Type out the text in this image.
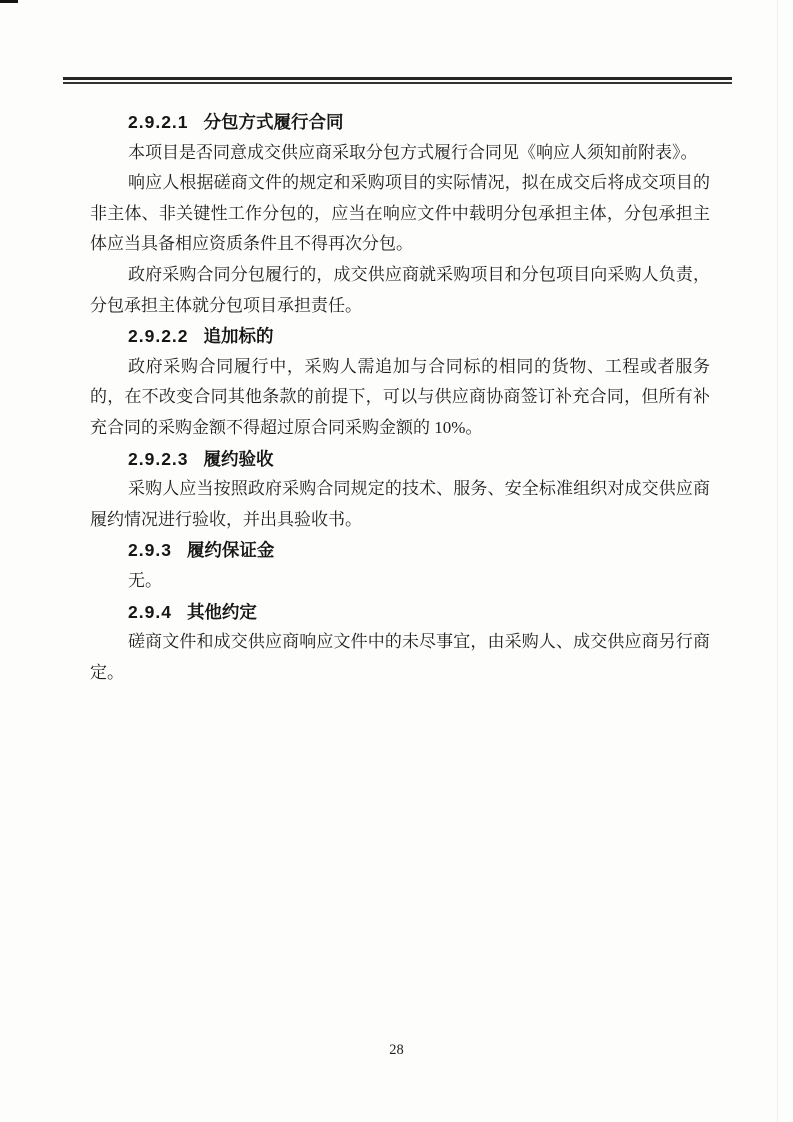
2.9.2.1 分包方式履行合同

本项目是否同意成交供应商采取分包方式履行合同见《响应人须知前附表》。

响应人根据磋商文件的规定和采购项目的实际情况，拟在成交后将成交项目的非主体、非关键性工作分包的，应当在响应文件中载明分包承担主体，分包承担主体应当具备相应资质条件且不得再次分包。

政府采购合同分包履行的，成交供应商就采购项目和分包项目向采购人负责，分包承担主体就分包项目承担责任。

2.9.2.2 追加标的

政府采购合同履行中，采购人需追加与合同标的相同的货物、工程或者服务的，在不改变合同其他条款的前提下，可以与供应商协商签订补充合同，但所有补充合同的采购金额不得超过原合同采购金额的 10%。

2.9.2.3 履约验收

采购人应当按照政府采购合同规定的技术、服务、安全标准组织对成交供应商履约情况进行验收，并出具验收书。

2.9.3 履约保证金

无。

2.9.4 其他约定

磋商文件和成交供应商响应文件中的未尽事宜，由采购人、成交供应商另行商定。

28
